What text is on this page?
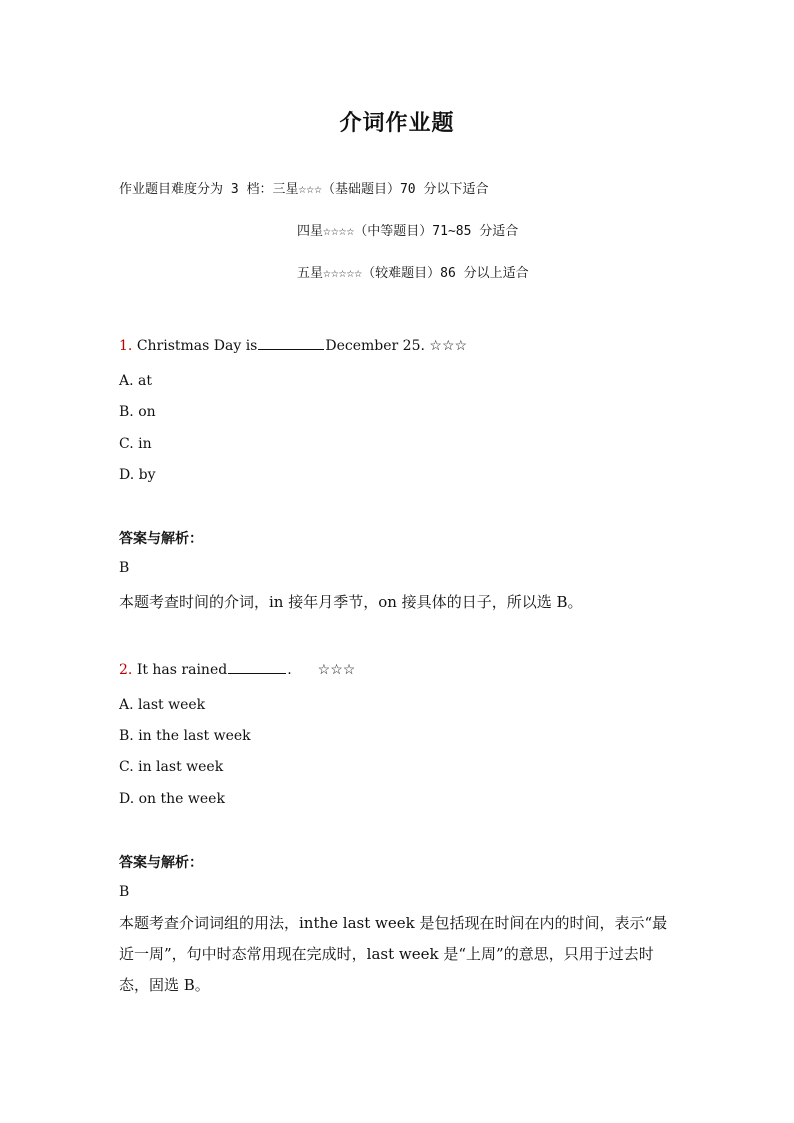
介词作业题
作业题目难度分为 3 档：三星☆☆☆（基础题目）70 分以下适合
四星☆☆☆☆（中等题目）71~85 分适合
五星☆☆☆☆☆（较难题目）86 分以上适合
1. Christmas Day is	December 25. ☆☆☆
A. at
B. on
C. in
D. by
答案与解析：
B
本题考查时间的介词，in 接年月季节，on 接具体的日子，所以选 B。
2. It has rained	. ☆☆☆
A. last week
B. in the last week
C. in last week
D. on the week
答案与解析：
B
本题考查介词词组的用法，inthe last week 是包括现在时间在内的时间，表示“最近一周”，句中时态常用现在完成时，last week 是“上周”的意思，只用于过去时态，固选 B。
